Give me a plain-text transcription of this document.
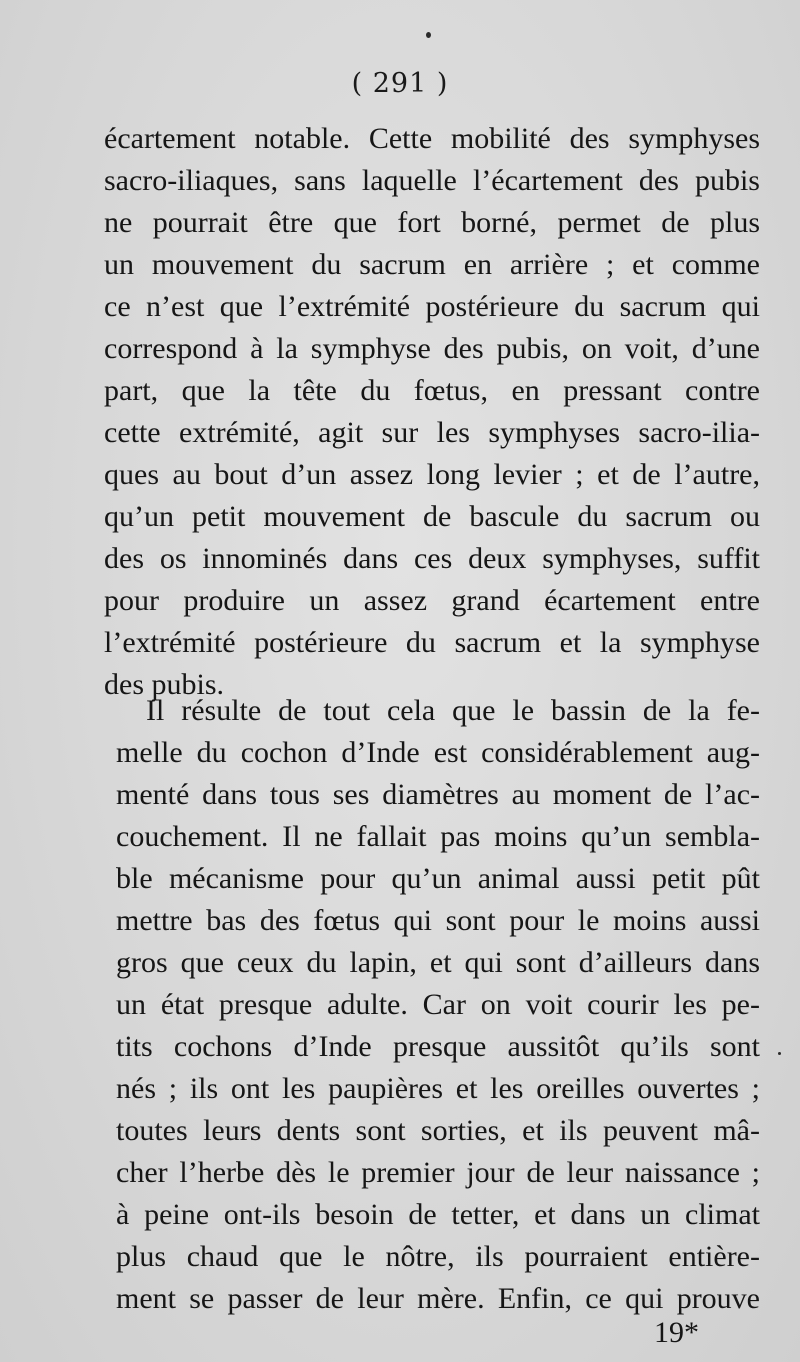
( 291 )
écartement notable. Cette mobilité des symphyses
sacro-iliaques, sans laquelle l’écartement des pubis
ne pourrait être que fort borné, permet de plus
un mouvement du sacrum en arrière ; et comme
ce n’est que l’extrémité postérieure du sacrum qui
correspond à la symphyse des pubis, on voit, d’une
part, que la tête du fœtus, en pressant contre
cette extrémité, agit sur les symphyses sacro-ilia-
ques au bout d’un assez long levier ; et de l’autre,
qu’un petit mouvement de bascule du sacrum ou
des os innominés dans ces deux symphyses, suffit
pour produire un assez grand écartement entre
l’extrémité postérieure du sacrum et la symphyse
des pubis.
Il résulte de tout cela que le bassin de la fe-
melle du cochon d’Inde est considérablement aug-
menté dans tous ses diamètres au moment de l’ac-
couchement. Il ne fallait pas moins qu’un sembla-
ble mécanisme pour qu’un animal aussi petit pût
mettre bas des fœtus qui sont pour le moins aussi
gros que ceux du lapin, et qui sont d’ailleurs dans
un état presque adulte. Car on voit courir les pe-
tits cochons d’Inde presque aussitôt qu’ils sont
nés ; ils ont les paupières et les oreilles ouvertes ;
toutes leurs dents sont sorties, et ils peuvent mâ-
cher l’herbe dès le premier jour de leur naissance ;
à peine ont-ils besoin de tetter, et dans un climat
plus chaud que le nôtre, ils pourraient entière-
ment se passer de leur mère. Enfin, ce qui prouve
19*
